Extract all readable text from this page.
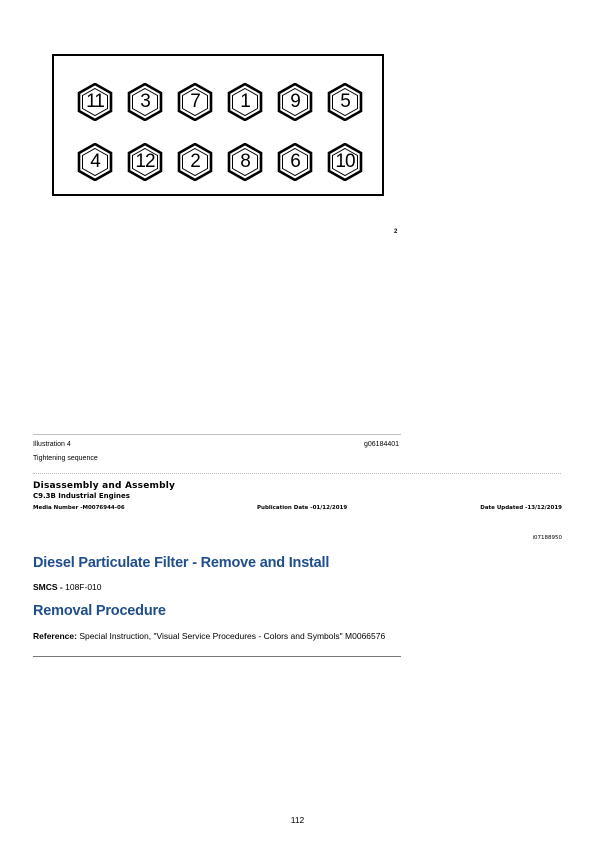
11	3	7	1	9	5
4	12	2	8	6	10
2
Illustration 4	g06184401
Tightening sequence
Disassembly and Assembly
C9.3B Industrial Engines
Media Number -M0076944-06	Publication Date -01/12/2019	Date Updated -13/12/2019
i07188950
Diesel Particulate Filter - Remove and Install
SMCS - 108F-010
Removal Procedure
Reference: Special Instruction, "Visual Service Procedures - Colors and Symbols" M0066576
112
